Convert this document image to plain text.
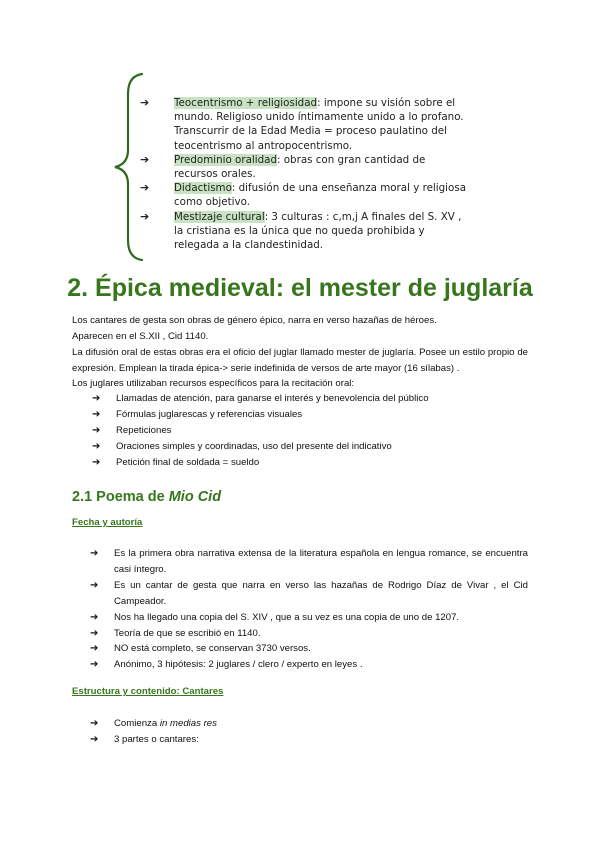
➔ Teocentrismo + religiosidad: impone su visión sobre el mundo. Religioso unido íntimamente unido a lo profano. Transcurrir de la Edad Media = proceso paulatino del teocentrismo al antropocentrismo.
➔ Predominio oralidad: obras con gran cantidad de recursos orales.
➔ Didactismo: difusión de una enseñanza moral y religiosa como objetivo.
➔ Mestizaje cultural: 3 culturas : c,m,j A finales del S. XV , la cristiana es la única que no queda prohibida y relegada a la clandestinidad.
2. Épica medieval: el mester de juglaría

Los cantares de gesta son obras de género épico, narra en verso hazañas de héroes.

Aparecen en el S.XII , Cid 1140.

La difusión oral de estas obras era el oficio del juglar llamado mester de juglaría. Posee un estilo propio de expresión. Emplean la tirada épica-> serie indefinida de versos de arte mayor (16 sílabas) .

Los juglares utilizaban recursos específicos para la recitación oral:

➔ Llamadas de atención, para ganarse el interés y benevolencia del público
➔ Fórmulas juglarescas y referencias visuales
➔ Repeticiones
➔ Oraciones simples y coordinadas, uso del presente del indicativo
➔ Petición final de soldada = sueldo
2.1 Poema de Mio Cid

Fecha y autoría

➔ Es la primera obra narrativa extensa de la literatura española en lengua romance, se encuentra casi íntegro.
➔ Es un cantar de gesta que narra en verso las hazañas de Rodrigo Díaz de Vivar , el Cid Campeador.
➔ Nos ha llegado una copia del S. XIV , que a su vez es una copia de uno de 1207.
➔ Teoría de que se escribió en 1140.
➔ NO está completo, se conservan 3730 versos.
➔ Anónimo, 3 hipótesis: 2 juglares / clero / experto en leyes .

Estructura y contenido: Cantares

➔ Comienza in medias res
➔ 3 partes o cantares:
